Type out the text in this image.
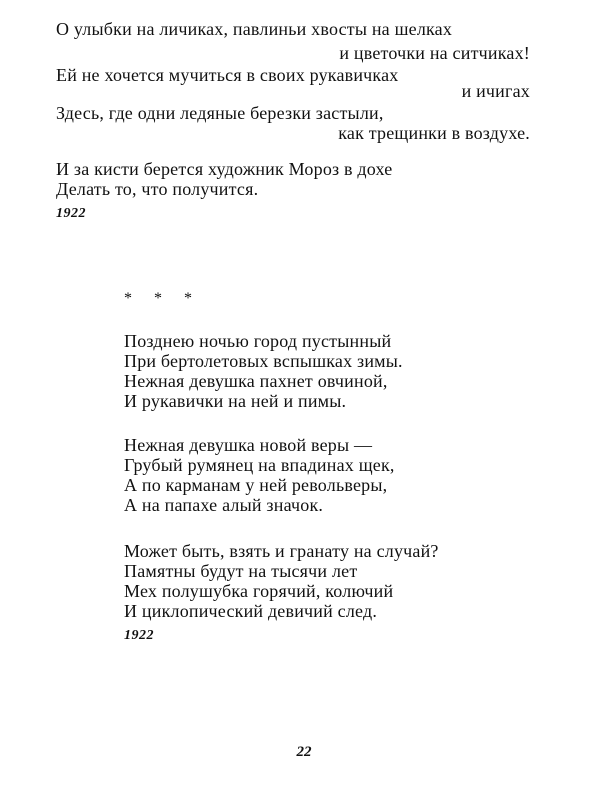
О улыбки на личиках, павлиньи хвосты на шелках
и цветочки на ситчиках!
Ей не хочется мучиться в своих рукавичках
и ичигах
Здесь, где одни ледяные березки застыли,
как трещинки в воздухе.
И за кисти берется художник Мороз в дохе
Делать то, что получится.
1922
* * *
Позднею ночью город пустынный
При бертолетовых вспышках зимы.
Нежная девушка пахнет овчиной,
И рукавички на ней и пимы.
Нежная девушка новой веры —
Грубый румянец на впадинах щек,
А по карманам у ней револьверы,
А на папахе алый значок.
Может быть, взять и гранату на случай?
Памятны будут на тысячи лет
Мех полушубка горячий, колючий
И циклопический девичий след.
1922
22
